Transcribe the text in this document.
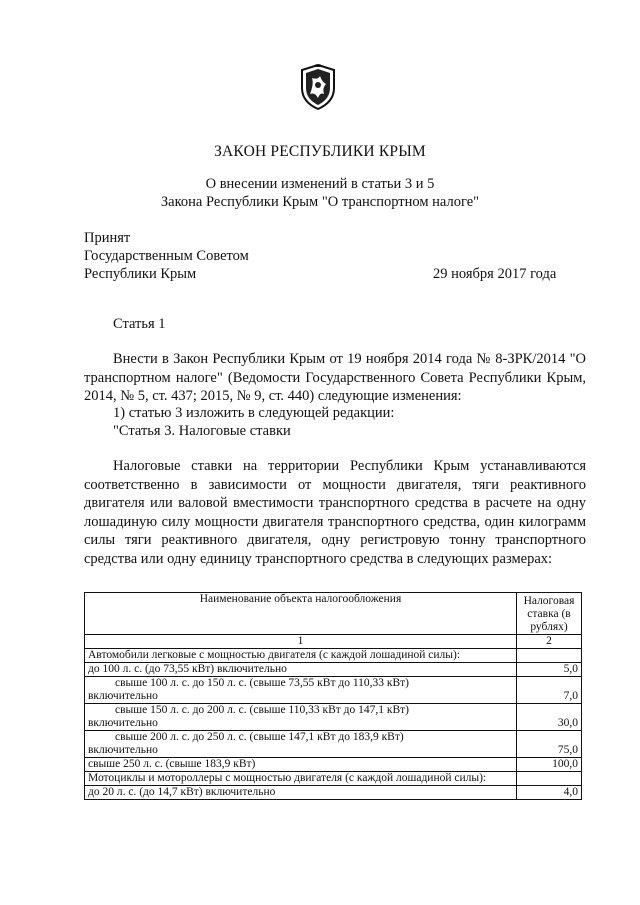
ЗАКОН РЕСПУБЛИКИ КРЫМ
О внесении изменений в статьи 3 и 5
Закона Республики Крым "О транспортном налоге"
Принят
Государственным Советом
Республики Крым	29 ноября 2017 года
Статья 1
Внести в Закон Республики Крым от 19 ноября 2014 года № 8-ЗРК/2014 "О транспортном налоге" (Ведомости Государственного Совета Республики Крым, 2014, № 5, ст. 437; 2015, № 9, ст. 440) следующие изменения:
1) статью 3 изложить в следующей редакции:
"Статья 3. Налоговые ставки
Налоговые ставки на территории Республики Крым устанавливаются соответственно в зависимости от мощности двигателя, тяги реактивного двигателя или валовой вместимости транспортного средства в расчете на одну лошадиную силу мощности двигателя транспортного средства, один килограмм силы тяги реактивного двигателя, одну регистровую тонну транспортного средства или одну единицу транспортного средства в следующих размерах:
Наименование объекта налогообложения	Налоговая ставка (в рублях)
1	2
Автомобили легковые с мощностью двигателя (с каждой лошадиной силы):	
до 100 л. с. (до 73,55 кВт) включительно	5,0

свыше 100 л. с. до 150 л. с. (свыше 73,55 кВт до 110,33 кВт)
включительно	7,0

свыше 150 л. с. до 200 л. с. (свыше 110,33 кВт до 147,1 кВт)
включительно	30,0

свыше 200 л. с. до 250 л. с. (свыше 147,1 кВт до 183,9 кВт)
включительно	75,0
свыше 250 л. с. (свыше 183,9 кВт)	100,0
Мотоциклы и мотороллеры с мощностью двигателя (с каждой лошадиной силы):	
до 20 л. с. (до 14,7 кВт) включительно	4,0
